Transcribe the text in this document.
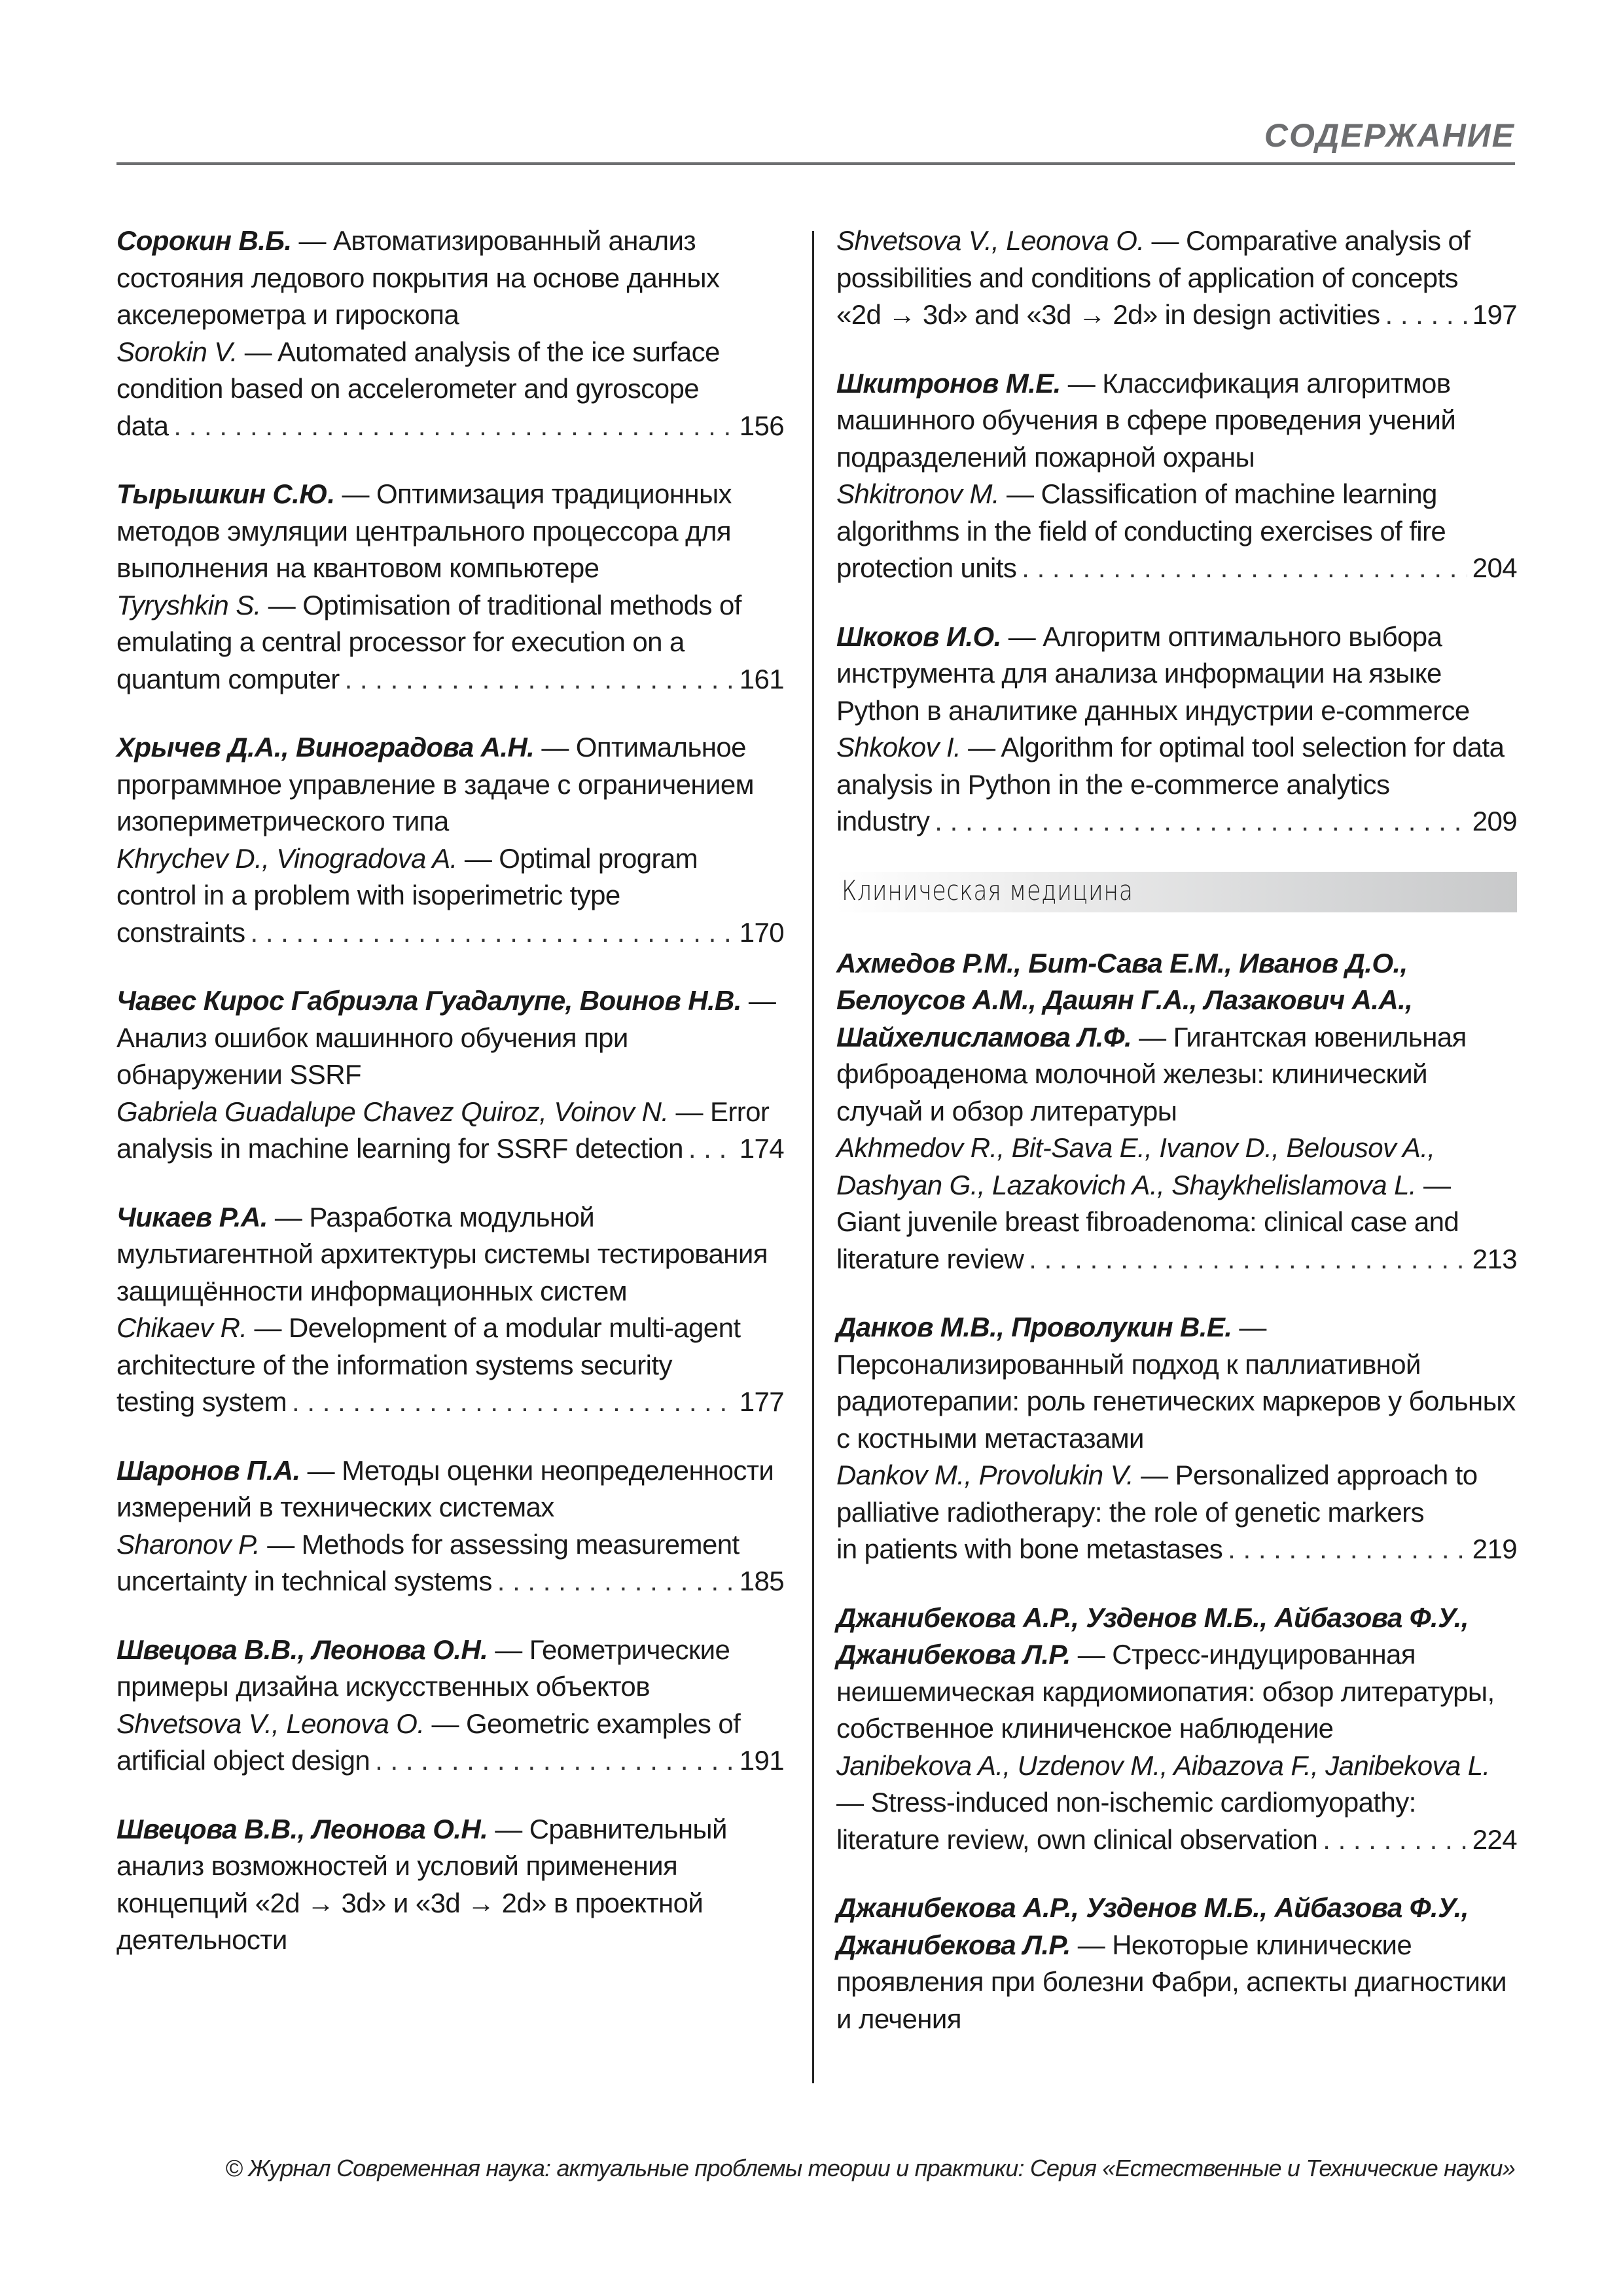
СОДЕРЖАНИЕ
Сорокин В.Б. — Автоматизированный анализ состояния ледового покрытия на основе данных акселерометра и гироскопа
Sorokin V. — Automated analysis of the ice surface condition based on accelerometer and gyroscope
data . . .	156
Тырышкин С.Ю. — Оптимизация традиционных методов эмуляции центрального процессора для выполнения на квантовом компьютере
Tyryshkin S. — Optimisation of traditional methods of emulating a central processor for execution on a
quantum computer . . .	161
Хрычев Д.А., Виноградова А.Н. — Оптимальное программное управление в задаче с ограничением изопериметрического типа
Khrychev D., Vinogradova A. — Optimal program control in a problem with isoperimetric type
constraints . . .	170
Чавес Кирос Габриэла Гуадалупе, Воинов Н.В. — Анализ ошибок машинного обучения при обнаружении SSRF
Gabriela Guadalupe Chavez Quiroz, Voinov N. — Error
analysis in machine learning for SSRF detection . . . 174
Чикаев Р.А. — Разработка модульной мультиагентной архитектуры системы тестирования защищённости информационных систем
Chikaev R. — Development of a modular multi-agent architecture of the information systems security
testing system . . .	177
Шаронов П.А. — Методы оценки неопределенности измерений в технических системах
Sharonov P. — Methods for assessing measurement
uncertainty in technical systems . . .	185
Швецова В.В., Леонова О.Н. — Геометрические примеры дизайна искусственных объектов
Shvetsova V., Leonova O. — Geometric examples of
artificial object design . . .	191
Швецова В.В., Леонова О.Н. — Сравнительный анализ возможностей и условий применения концепций «2d → 3d» и «3d → 2d» в проектной деятельности
Shvetsova V., Leonova O. — Comparative analysis of possibilities and conditions of application of concepts
«2d → 3d» and «3d → 2d» in design activities . . .	197
Шкитронов М.Е. — Классификация алгоритмов машинного обучения в сфере проведения учений подразделений пожарной охраны
Shkitronov M. — Classification of machine learning algorithms in the field of conducting exercises of fire
protection units . . .	204
Шкоков И.О. — Алгоритм оптимального выбора инструмента для анализа информации на языке Python в аналитике данных индустрии e-commerce
Shkokov I. — Algorithm for optimal tool selection for data analysis in Python in the e-commerce analytics
industry . . .	209
Клиническая медицина
Ахмедов Р.М., Бит-Сава Е.М., Иванов Д.О., Белоусов А.М., Дашян Г.А., Лазакович А.А., Шайхелисламова Л.Ф. — Гигантская ювенильная фиброаденома молочной железы: клинический случай и обзор литературы
Akhmedov R., Bit-Sava E., Ivanov D., Belousov A., Dashyan G., Lazakovich A., Shaykhelislamova L. — Giant juvenile breast fibroadenoma: clinical case and
literature review . . .	213
Данков М.В., Проволукин В.Е. — Персонализированный подход к паллиативной радиотерапии: роль генетических маркеров у больных с костными метастазами
Dankov M., Provolukin V. — Personalized approach to palliative radiotherapy: the role of genetic markers
in patients with bone metastases . . .	219
Джанибекова А.Р., Узденов М.Б., Айбазова Ф.У., Джанибекова Л.Р. — Стресс-индуцированная неишемическая кардиомиопатия: обзор литературы, собственное клиниченское наблюдение
Janibekova A., Uzdenov M., Aibazova F., Janibekova L. — Stress-induced non-ischemic cardiomyopathy:
literature review, own clinical observation . . .	224
Джанибекова А.Р., Узденов М.Б., Айбазова Ф.У., Джанибекова Л.Р. — Некоторые клинические проявления при болезни Фабри, аспекты диагностики и лечения
© Журнал Современная наука: актуальные проблемы теории и практики: Серия «Естественные и Технические науки»
